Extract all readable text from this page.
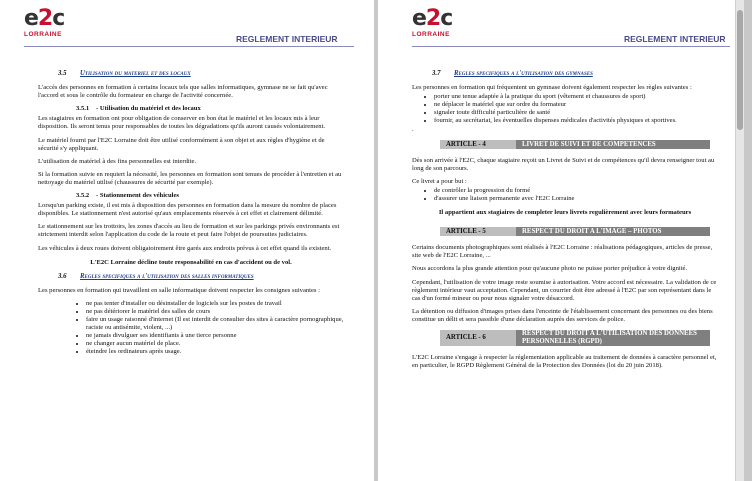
e2c
LORRAINE	REGLEMENT INTERIEUR
3.5 Utilisation du materiel et des locaux

L'accès des personnes en formation à certains locaux tels que salles informatiques, gymnase ne se fait qu'avec l'accord et sous le contrôle du formateur en charge de l'activité concernée.

3.5.1 - Utilisation du matériel et des locaux

Les stagiaires en formation ont pour obligation de conserver en bon état le matériel et les locaux mis à leur disposition. Ils seront tenus pour responsables de toutes les dégradations qu'ils auront causés volontairement.

Le matériel fourni par l'E2C Lorraine doit être utilisé conformément à son objet et aux règles d'hygiène et de sécurité s'y appliquant.

L'utilisation de matériel à des fins personnelles est interdite.

Si la formation suivie en requiert la nécessité, les personnes en formation sont tenues de procéder à l'entretien et au nettoyage du matériel utilisé (chaussures de sécurité par exemple).

3.5.2 - Stationnement des véhicules

Lorsqu'un parking existe, il est mis à disposition des personnes en formation dans la mesure du nombre de places disponibles. Le stationnement n'est autorisé qu'aux emplacements réservés à cet effet et clairement délimité.

Le stationnement sur les trottoirs, les zones d'accès au lieu de formation et sur les parkings privés environnants est strictement interdit selon l'application du code de la route et peut faire l'objet de poursuites judiciaires.

Les véhicules à deux roues doivent obligatoirement être garés aux endroits prévus à cet effet quand ils existent.

L'E2C Lorraine décline toute responsabilité en cas d'accident ou de vol.
3.6 Regles specifiques a l'utilisation des salles informatiques

Les personnes en formation qui travaillent en salle informatique doivent respecter les consignes suivantes :

• ne pas tenter d'installer ou désinstaller de logiciels sur les postes de travail
• ne pas détériorer le matériel des salles de cours
• faire un usage raisonné d'internet (Il est interdit de consulter des sites à caractère pornographique, raciste ou antisémite, violent, ...)
• ne jamais divulguer ses identifiants à une tierce personne
• ne changer aucun matériel de place.
• éteindre les ordinateurs après usage.
e2c
LORRAINE	REGLEMENT INTERIEUR
3.7 Regles specifiques a l'utilisation des gymnases

Les personnes en formation qui fréquentent un gymnase doivent également respecter les règles suivantes :

• porter une tenue adaptée à la pratique du sport (vêtement et chaussures de sport)
• ne déplacer le matériel que sur ordre du formateur
• signaler toute difficulté particulière de santé
• fournir, au secrétariat, les éventuelles dispenses médicales d'activités physiques et sportives.

.

ARTICLE - 4	LIVRET DE SUIVI ET DE COMPETENCES

Dès son arrivée à l'E2C, chaque stagiaire reçoit un Livret de Suivi et de compétences qu'il devra renseigner tout au long de son parcours.

Ce livret a pour but :

• de contrôler la progression du formé
• d'assurer une liaison permanente avec l'E2C Lorraine
Il appartient aux stagiaires de completer leurs livrets regulièrement avec leurs formateurs
ARTICLE - 5	RESPECT DU DROIT A L'IMAGE – PHOTOS

Certains documents photographiques sont réalisés à l'E2C Lorraine : réalisations pédagogiques, articles de presse, site web de l'E2C Lorraine, ...

Nous accordons la plus grande attention pour qu'aucune photo ne puisse porter préjudice à votre dignité.

Cependant, l'utilisation de votre image reste soumise à autorisation. Votre accord est nécessaire. La validation de ce règlement intérieur vaut acceptation. Cependant, un courrier doit être adressé à l'E2C par son représentant dans le cas d'un formé mineur ou pour nous signaler votre désaccord.

La détention ou diffusion d'images prises dans l'enceinte de l'établissement concernant des personnes ou des biens constitue un délit et sera passible d'une déclaration auprès des services de police.

ARTICLE - 6
RESPECT DU DROIT A L'UTILISATION DES DONNEES PERSONNELLES (RGPD)

L'E2C Lorraine s'engage à respecter la réglementation applicable au traitement de données à caractère personnel et, en particulier, le RGPD Règlement Général de la Protection des Données (loi du 20 juin 2018).
